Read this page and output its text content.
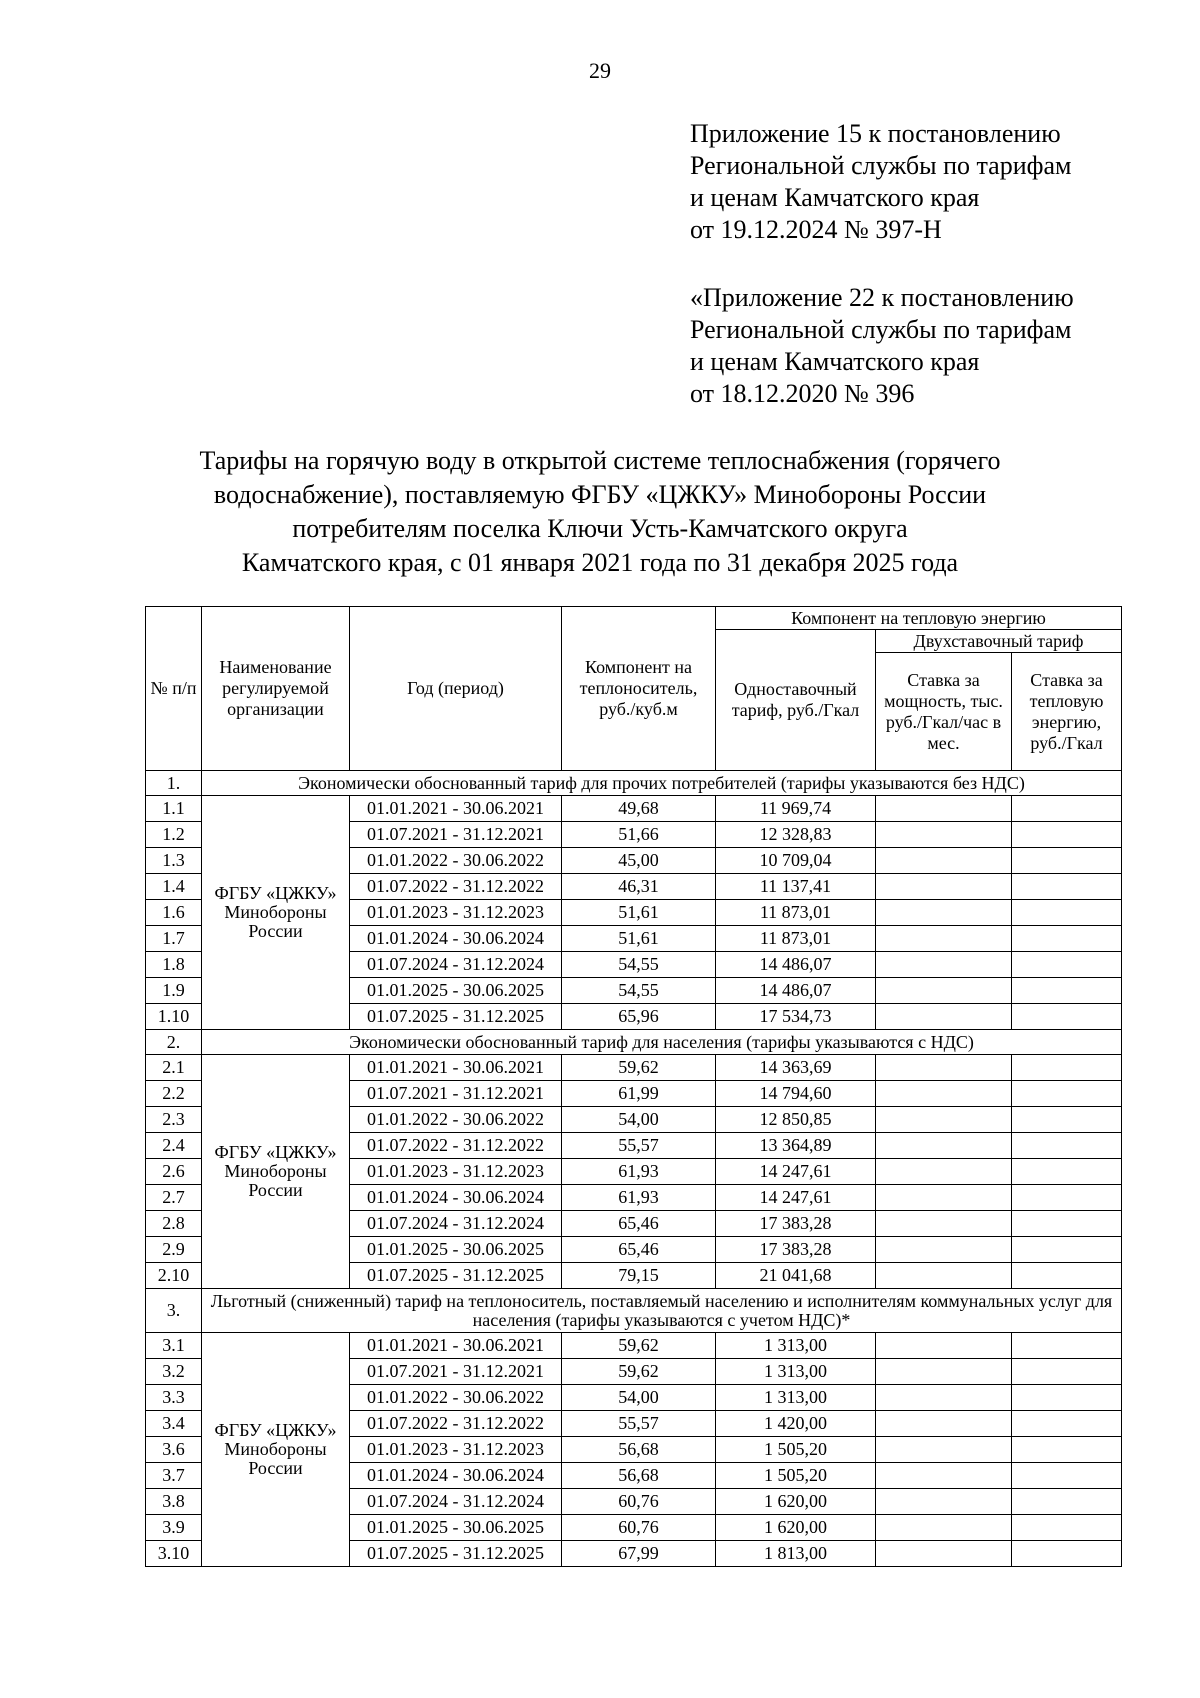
29
Приложение 15 к постановлению
Региональной службы по тарифам
и ценам Камчатского края
от 19.12.2024 № 397-Н
«Приложение 22 к постановлению
Региональной службы по тарифам
и ценам Камчатского края
от 18.12.2020 № 396
Тарифы на горячую воду в открытой системе теплоснабжения (горячего
водоснабжение), поставляемую ФГБУ «ЦЖКУ» Минобороны России
потребителям поселка Ключи Усть-Камчатского округа
Камчатского края, с 01 января 2021 года по 31 декабря 2025 года
№ п/п	Наименование регулируемой организации	Год (период)	Компонент на теплоноситель, руб./куб.м	Компонент на тепловую энергию		
				Одноставочный тариф, руб./Гкал	Двухставочный тариф	
					Ставка за мощность, тыс. руб./Гкал/час в мес.	Ставка за тепловую энергию, руб./Гкал
1.	Экономически обоснованный тариф для прочих потребителей (тарифы указываются без НДС)					
1.1	ФГБУ «ЦЖКУ» Минобороны России	01.01.2021 - 30.06.2021	49,68	11 969,74		
1.2		01.07.2021 - 31.12.2021	51,66	12 328,83		
1.3		01.01.2022 - 30.06.2022	45,00	10 709,04		
1.4		01.07.2022 - 31.12.2022	46,31	11 137,41		
1.6		01.01.2023 - 31.12.2023	51,61	11 873,01		
1.7		01.01.2024 - 30.06.2024	51,61	11 873,01		
1.8		01.07.2024 - 31.12.2024	54,55	14 486,07		
1.9		01.01.2025 - 30.06.2025	54,55	14 486,07		
1.10		01.07.2025 - 31.12.2025	65,96	17 534,73		
2.	Экономически обоснованный тариф для населения (тарифы указываются с НДС)					
2.1	ФГБУ «ЦЖКУ» Минобороны России	01.01.2021 - 30.06.2021	59,62	14 363,69		
2.2		01.07.2021 - 31.12.2021	61,99	14 794,60		
2.3		01.01.2022 - 30.06.2022	54,00	12 850,85		
2.4		01.07.2022 - 31.12.2022	55,57	13 364,89		
2.6		01.01.2023 - 31.12.2023	61,93	14 247,61		
2.7		01.01.2024 - 30.06.2024	61,93	14 247,61		
2.8		01.07.2024 - 31.12.2024	65,46	17 383,28		
2.9		01.01.2025 - 30.06.2025	65,46	17 383,28		
2.10		01.07.2025 - 31.12.2025	79,15	21 041,68		
3.	Льготный (сниженный) тариф на теплоноситель, поставляемый населению и исполнителям коммунальных услуг для населения (тарифы указываются с учетом НДС)*					
3.1	ФГБУ «ЦЖКУ» Минобороны России	01.01.2021 - 30.06.2021	59,62	1 313,00		
3.2		01.07.2021 - 31.12.2021	59,62	1 313,00		
3.3		01.01.2022 - 30.06.2022	54,00	1 313,00		
3.4		01.07.2022 - 31.12.2022	55,57	1 420,00		
3.6		01.01.2023 - 31.12.2023	56,68	1 505,20		
3.7		01.01.2024 - 30.06.2024	56,68	1 505,20		
3.8		01.07.2024 - 31.12.2024	60,76	1 620,00		
3.9		01.01.2025 - 30.06.2025	60,76	1 620,00		
3.10		01.07.2025 - 31.12.2025	67,99	1 813,00		
